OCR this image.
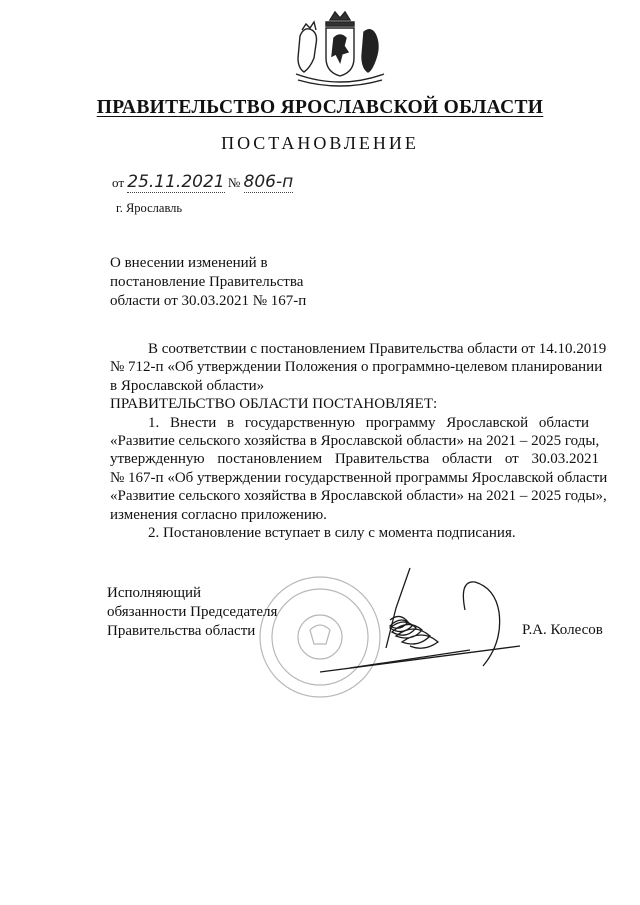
ПРАВИТЕЛЬСТВО ЯРОСЛАВСКОЙ ОБЛАСТИ
ПОСТАНОВЛЕНИЕ
от 25.11.2021 № 806-п
г. Ярославль
О внесении изменений в
постановление Правительства
области от 30.03.2021 № 167-п

В соответствии с постановлением Правительства области от 14.10.2019

№ 712-п «Об утверждении Положения о программно-целевом планировании

в Ярославской области»

ПРАВИТЕЛЬСТВО ОБЛАСТИ ПОСТАНОВЛЯЕТ:

1. Внести в государственную программу Ярославской области

«Развитие сельского хозяйства в Ярославской области» на 2021 – 2025 годы,

утвержденную постановлением Правительства области от 30.03.2021

№ 167-п «Об утверждении государственной программы Ярославской области

«Развитие сельского хозяйства в Ярославской области» на 2021 – 2025 годы»,

изменения согласно приложению.

2. Постановление вступает в силу с момента подписания.

Исполняющий
обязанности Председателя
Правительства области	Р.А. Колесов
